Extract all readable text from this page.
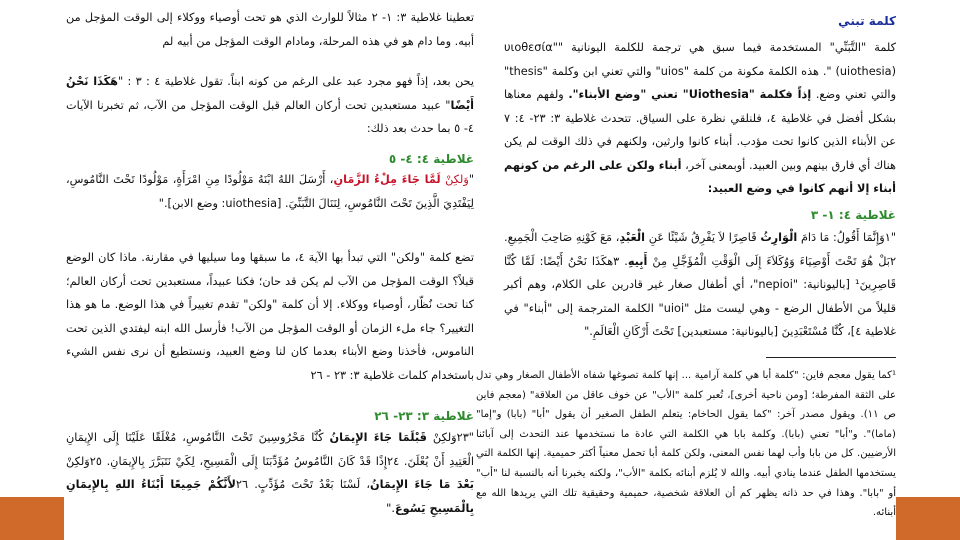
تعطينا غلاطية ٣: ١- ٢ مثالاً للوارث الذي هو تحت أوصياء ووكلاء إلى الوقت المؤجل من أبيه. وما دام هو في هذه المرحلة، ومادام الوقت المؤجل من أبيه لم

يحن بعد، إذاً فهو مجرد عبد على الرغم من كونه ابناً. تقول غلاطية ٤ : ٣ : "هَكَذَا نَحْنُ أَيْضًا" عبيد مستعبدين تحت أركان العالم قبل الوقت المؤجل من الآب، ثم تخبرنا الآيات ٤- ٥ بما حدث بعد ذلك:

غلاطية ٤: ٤- ٥

"وَلكِنْ لَمَّا جَاءَ مِلْءُ الزَّمَانِ، أَرْسَلَ اللهُ ابْنَهُ مَوْلُودًا مِنِ امْرَأَةٍ، مَوْلُودًا تَحْتَ النَّامُوسِ، لِيَفْتَدِيَ الَّذِينَ تَحْتَ النَّامُوسِ، لِنَنَالَ التَّبَنِّيَ. [uiothesia: وضع الابن]."

تضع كلمة "ولكن" التي تبدأ بها الآية ٤، ما سبقها وما سيليها في مقارنة. ماذا كان الوضع قبلاً؟ الوقت المؤجل من الآب لم يكن قد حان؛ فكنا عبيداً، مستعبدين تحت أركان العالم؛ كنا تحت نُظّار، أوصياء ووكلاء. إلا أن كلمة "ولكن" تقدم تغييراً في هذا الوضع. ما هو هذا التغيير؟ جاء ملء الزمان أو الوقت المؤجل من الآب! فأرسل الله ابنه ليفتدي الذين تحت الناموس، فأخذنا وضع الأبناء بعدما كان لنا وضع العبيد، ونستطيع أن نرى نفس الشيء باستخدام كلمات غلاطية ٣: ٢٣ - ٢٦

غلاطية ٣: ٢٣- ٢٦

"٢٣وَلكِنْ قَبْلَمَا جَاءَ الإِيمَانُ كُنَّا مَحْرُوسِينَ تَحْتَ النَّامُوسِ، مُغْلَقًا عَلَيْنَا إِلَى الإِيمَانِ الْعَتِيدِ أَنْ يُعْلَنَ. ٢٤إِذًا قَدْ كَانَ النَّامُوسُ مُؤَدِّبَنَا إِلَى الْمَسِيحِ، لِكَيْ نَتَبَرَّرَ بِالإِيمَانِ. ٢٥وَلكِنْ بَعْدَ مَا جَاءَ الإِيمَانُ، لَسْنَا بَعْدُ تَحْتَ مُؤَدِّبٍ. ٢٦لأَنَّكُمْ جَمِيعًا أَبْنَاءُ اللهِ بِالإِيمَانِ بِالْمَسِيحِ يَسُوعَ."

كلمة تبني

كلمة "التَّبَنِّي" المستخدمة فيما سبق هي ترجمة للكلمة اليونانية "υιοθεσία"(uiothesia) ". هذه الكلمة مكونة من كلمة "uios" والتي تعني ابن وكلمة "thesis" والتي تعني وضع. إذاً فكلمة "Uiothesia" تعني "وضع الأبناء". ولفهم معناها بشكل أفضل في غلاطية ٤، فلنلقي نظرة على السياق. تتحدث غلاطية ٣: ٢٣- ٤: ٧ عن الأبناء الذين كانوا تحت مؤدب. أبناء كانوا وارثين، ولكنهم في ذلك الوقت لم يكن هناك أي فارق بينهم وبين العبيد. أوبمعنى آخر، أبناء ولكن على الرغم من كونهم أبناء إلا أنهم كانوا في وضع العبيد:

غلاطية ٤: ١- ٣

"١وَإِنَّمَا أَقُولُ: مَا دَامَ الْوَارِثُ قَاصِرًا لاَ يَفْرِقُ شَيْئًا عَنِ الْعَبْدِ، مَعَ كَوْنِهِ صَاحِبَ الْجَمِيعِ. ٢بَلْ هُوَ تَحْتَ أَوْصِيَاءَ وَوُكَلاَءَ إِلَى الْوَقْتِ الْمُؤَجَّلِ مِنْ أَبِيهِ. ٣هكَذَا نَحْنُ أَيْضًا: لَمَّا كُنَّا قَاصِرِينَ¹ [باليونانية: "nepioi"، أي أطفال صغار غير قادرين على الكلام، وهم أكبر قليلاً من الأطفال الرضع - وهي ليست مثل "uioi" الكلمة المترجمة إلى "أبناء" في غلاطية ٤]، كُنَّا مُسْتَعْبَدِينَ [باليونانية: مستعبدين] تَحْتَ أَرْكَانِ الْعَالَمِ."

¹كما يقول معجم فاين: "كلمة أبا هي كلمة آرامية ... إنها كلمة تصوغها شفاه الأطفال الصغار وهي تدل على الثقة المفرطة؛ [ومن ناحية أخرى]، تُعبر كلمة "الأب" عن خوف عاقل من العلاقة" (معجم فاين ص ١١). ويقول مصدر آخر: "كما يقول الحاخام: يتعلم الطفل الصغير أن يقول "أبا" (بابا) و"إما" (ماما)". و"أبا" تعني (بابا). وكلمة بابا هي الكلمة التي عادة ما نستخدمها عند التحدث إلى آبائنا الأرضيين. كل من بابا وأب لهما نفس المعنى، ولكن كلمة أبا تحمل معنياً أكثر حميمية. إنها الكلمة التي يستخدمها الطفل عندما ينادي أبيه. والله لا يُلزم أبنائه بكلمة "الأب"، ولكنه يخبرنا أنه بالنسبة لنا "أب" أو "بابا". وهذا في حد ذاته يظهر كم أن العلاقة شخصية، حميمية وحقيقية تلك التي يريدها الله مع أبنائه.
